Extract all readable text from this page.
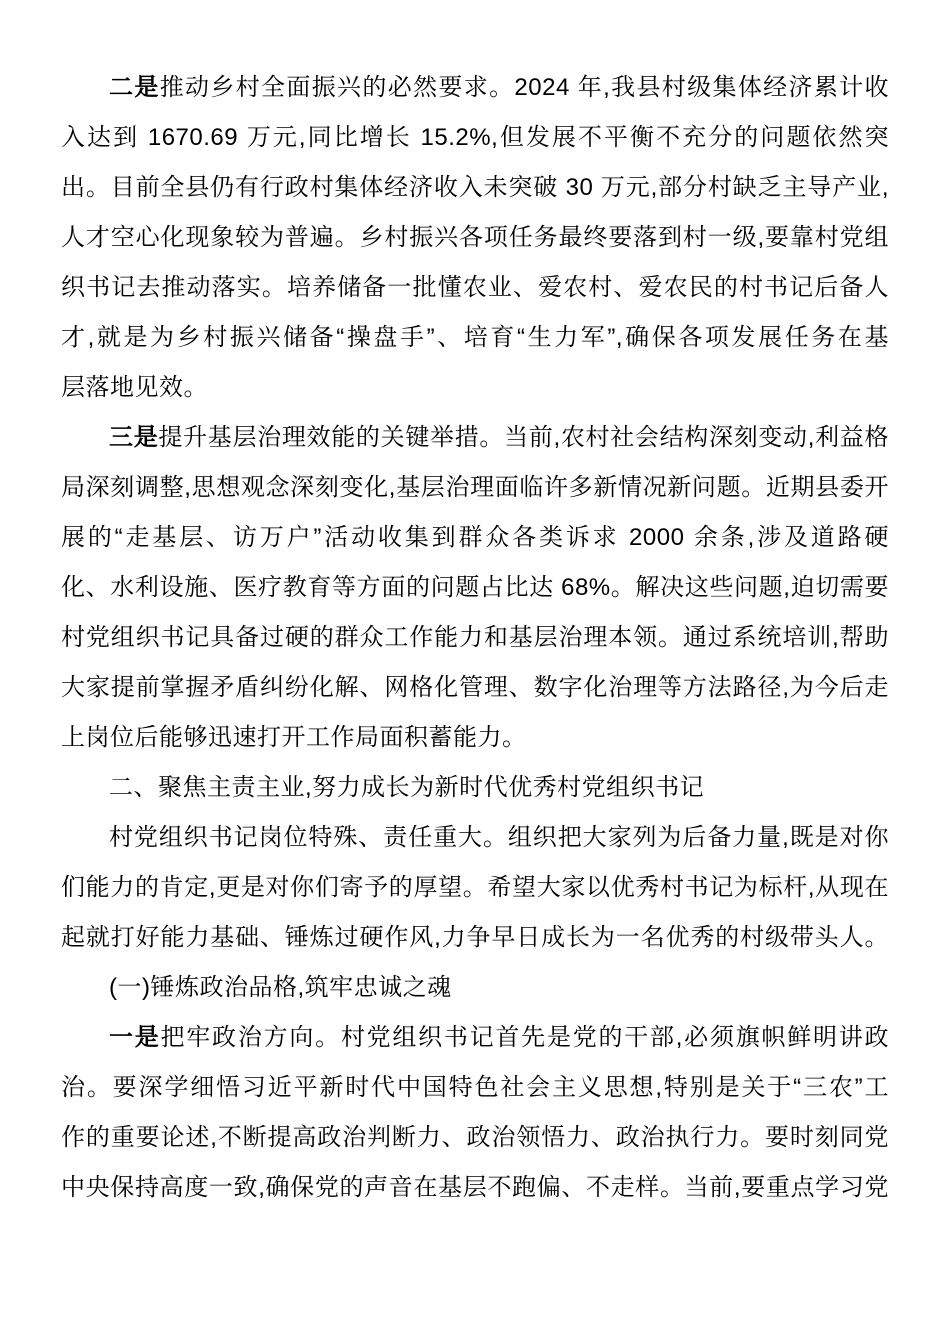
二是推动乡村全面振兴的必然要求。2024 年,我县村级集体经济累计收
入达到 1670.69 万元,同比增长 15.2%,但发展不平衡不充分的问题依然突
出。目前全县仍有行政村集体经济收入未突破 30 万元,部分村缺乏主导产业,
人才空心化现象较为普遍。乡村振兴各项任务最终要落到村一级,要靠村党组
织书记去推动落实。培养储备一批懂农业、爱农村、爱农民的村书记后备人
才,就是为乡村振兴储备“操盘手”、培育“生力军”,确保各项发展任务在基
层落地见效。
三是提升基层治理效能的关键举措。当前,农村社会结构深刻变动,利益格
局深刻调整,思想观念深刻变化,基层治理面临许多新情况新问题。近期县委开
展的“走基层、访万户”活动收集到群众各类诉求 2000 余条,涉及道路硬
化、水利设施、医疗教育等方面的问题占比达 68%。解决这些问题,迫切需要
村党组织书记具备过硬的群众工作能力和基层治理本领。通过系统培训,帮助
大家提前掌握矛盾纠纷化解、网格化管理、数字化治理等方法路径,为今后走
上岗位后能够迅速打开工作局面积蓄能力。
二、聚焦主责主业,努力成长为新时代优秀村党组织书记
村党组织书记岗位特殊、责任重大。组织把大家列为后备力量,既是对你
们能力的肯定,更是对你们寄予的厚望。希望大家以优秀村书记为标杆,从现在
起就打好能力基础、锤炼过硬作风,力争早日成长为一名优秀的村级带头人。
(一)锤炼政治品格,筑牢忠诚之魂
一是把牢政治方向。村党组织书记首先是党的干部,必须旗帜鲜明讲政
治。要深学细悟习近平新时代中国特色社会主义思想,特别是关于“三农”工
作的重要论述,不断提高政治判断力、政治领悟力、政治执行力。要时刻同党
中央保持高度一致,确保党的声音在基层不跑偏、不走样。当前,要重点学习党
